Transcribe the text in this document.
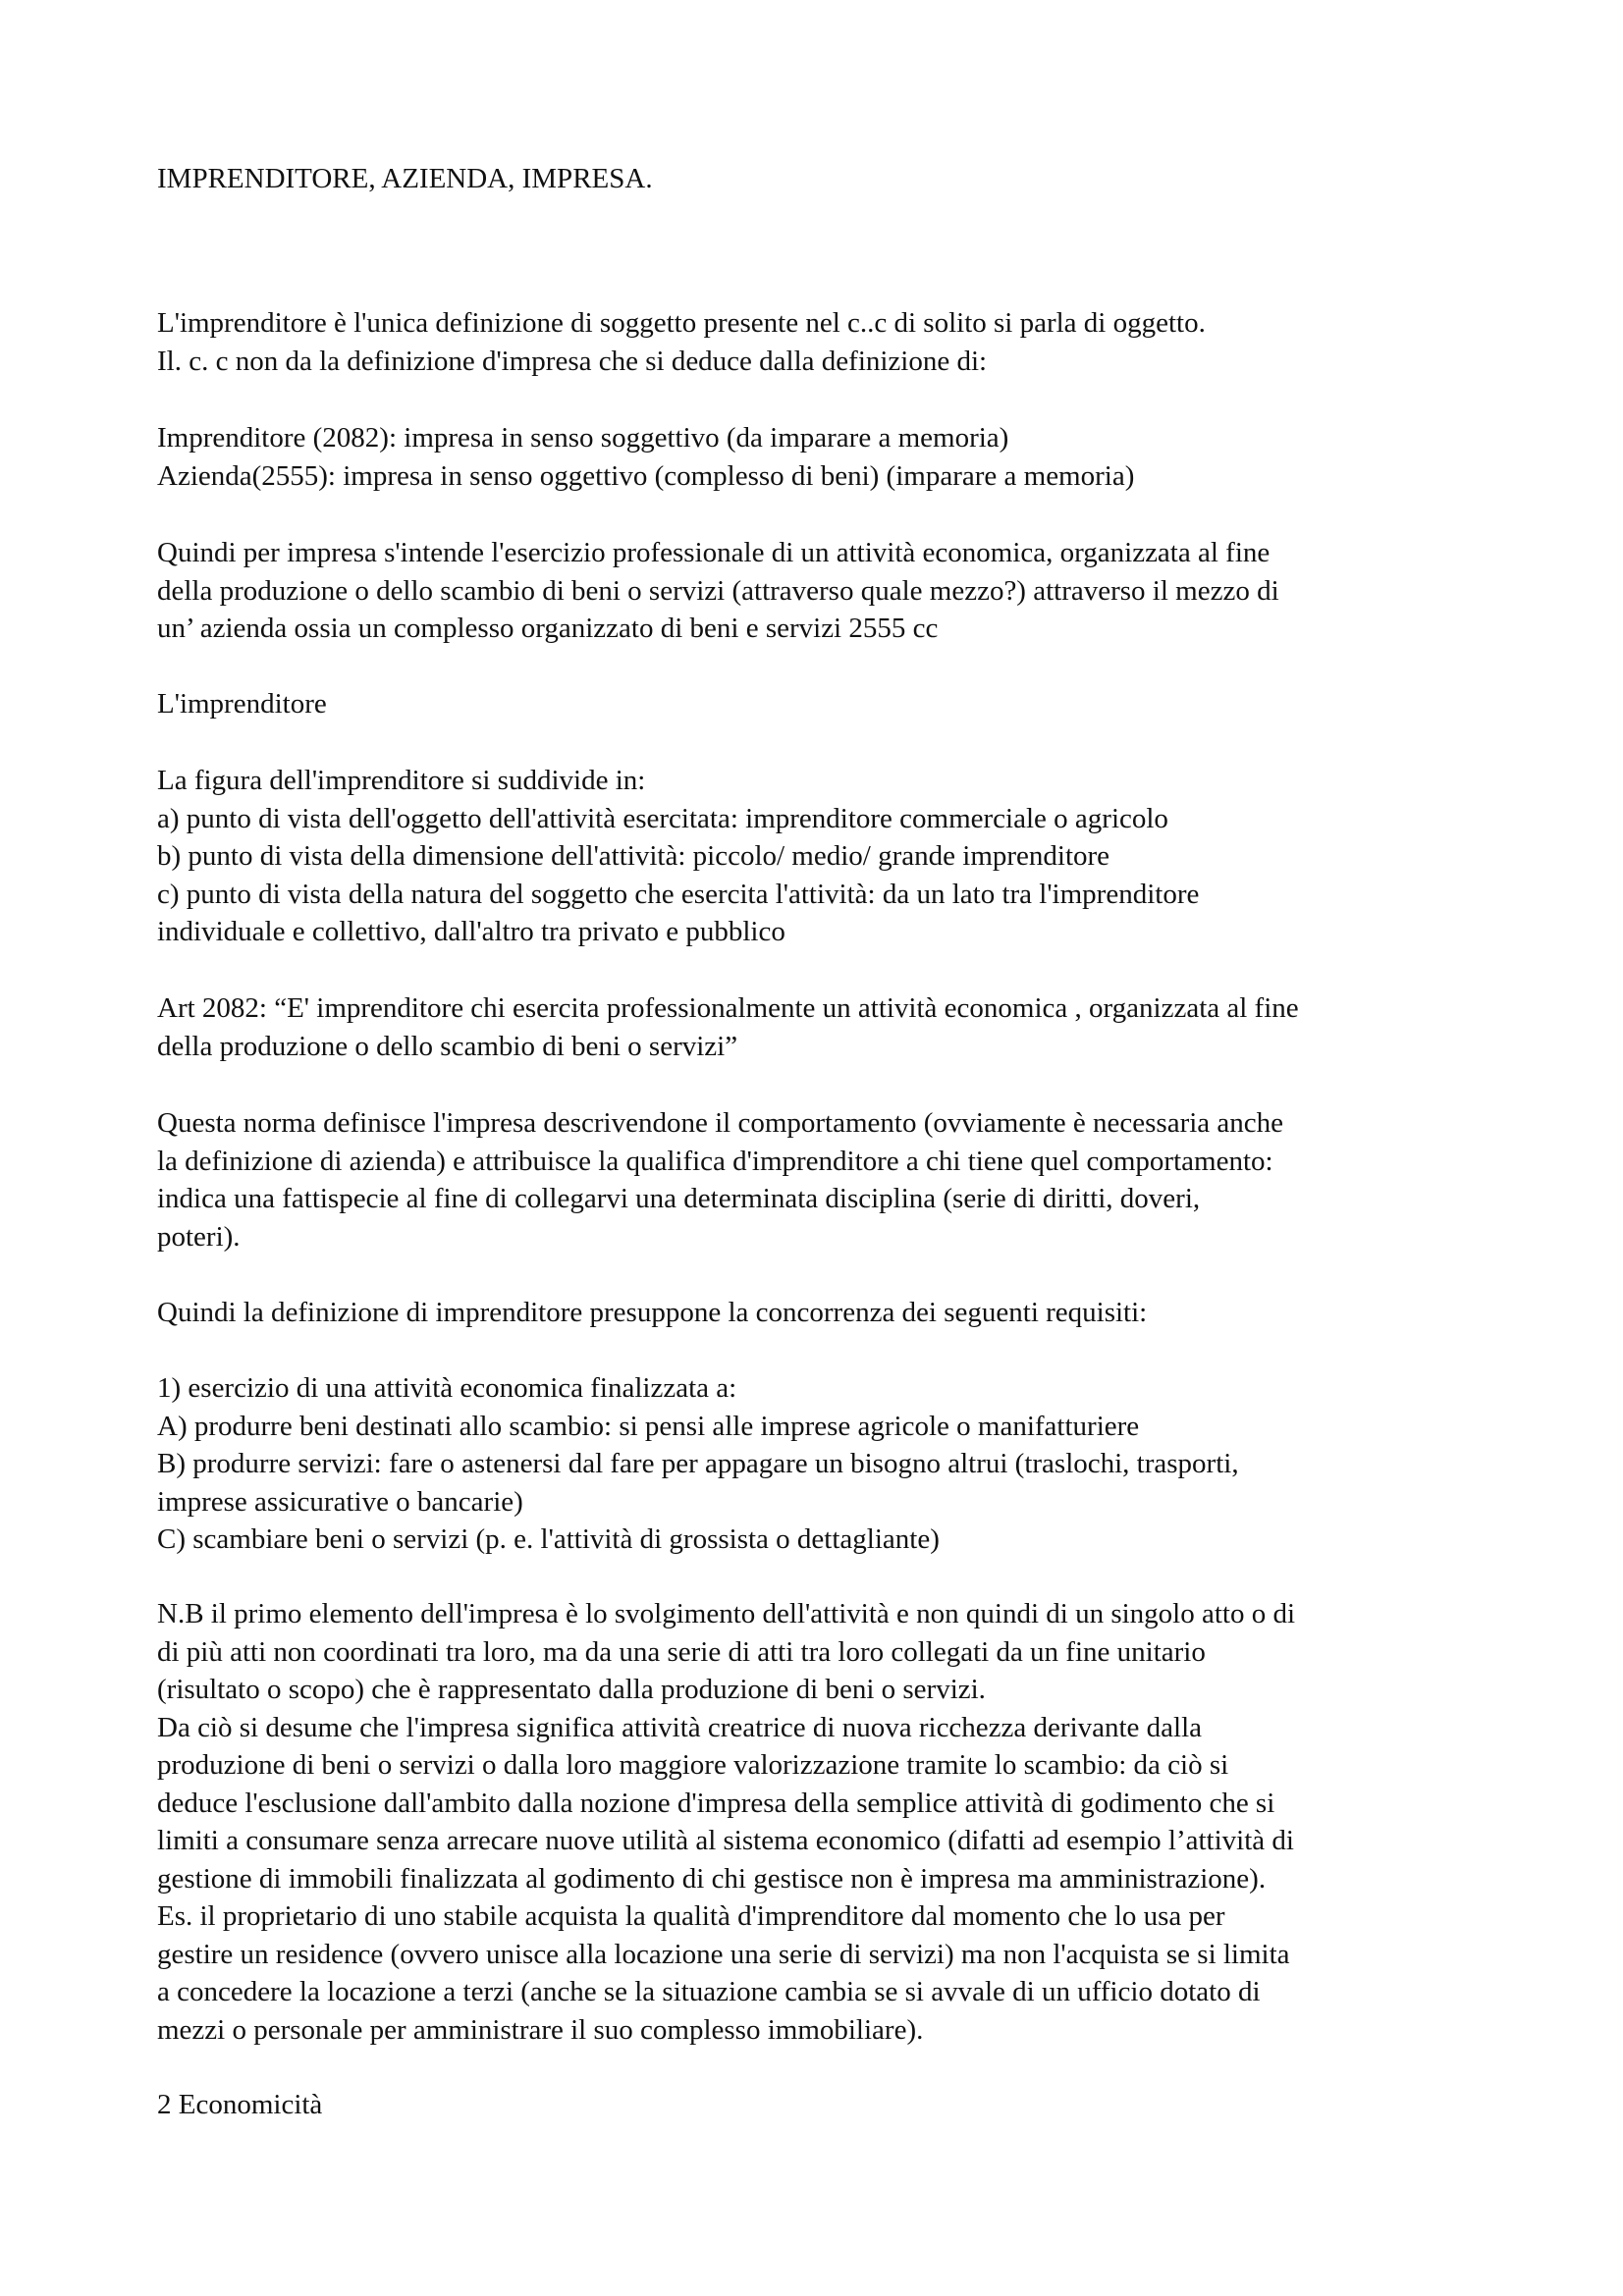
IMPRENDITORE, AZIENDA, IMPRESA.
L'imprenditore è l'unica definizione di soggetto presente nel c..c di solito si parla di oggetto.
Il. c. c non da la definizione d'impresa che si deduce dalla definizione di:
Imprenditore (2082): impresa in senso soggettivo (da imparare a memoria)
Azienda(2555): impresa in senso oggettivo (complesso di beni) (imparare a memoria)
Quindi per impresa s'intende l'esercizio professionale di un attività economica, organizzata al fine
della produzione o dello scambio di beni o servizi (attraverso quale mezzo?) attraverso il mezzo di
un’ azienda ossia un complesso organizzato di beni e servizi 2555 cc
L'imprenditore
La figura dell'imprenditore si suddivide in:
a) punto di vista dell'oggetto dell'attività esercitata: imprenditore commerciale o agricolo
b) punto di vista della dimensione dell'attività: piccolo/ medio/ grande imprenditore
c) punto di vista della natura del soggetto che esercita l'attività: da un lato tra l'imprenditore
individuale e collettivo, dall'altro tra privato e pubblico
Art 2082: “E' imprenditore chi esercita professionalmente un attività economica , organizzata al fine
della produzione o dello scambio di beni o servizi”
Questa norma definisce l'impresa descrivendone il comportamento (ovviamente è necessaria anche
la definizione di azienda) e attribuisce la qualifica d'imprenditore a chi tiene quel comportamento:
indica una fattispecie al fine di collegarvi una determinata disciplina (serie di diritti, doveri,
poteri).
Quindi la definizione di imprenditore presuppone la concorrenza dei seguenti requisiti:
1) esercizio di una attività economica finalizzata a:
A) produrre beni destinati allo scambio: si pensi alle imprese agricole o manifatturiere
B) produrre servizi: fare o astenersi dal fare per appagare un bisogno altrui (traslochi, trasporti,
imprese assicurative o bancarie)
C) scambiare beni o servizi (p. e. l'attività di grossista o dettagliante)
N.B il primo elemento dell'impresa è lo svolgimento dell'attività e non quindi di un singolo atto o di
di più atti non coordinati tra loro, ma da una serie di atti tra loro collegati da un fine unitario
(risultato o scopo) che è rappresentato dalla produzione di beni o servizi.
Da ciò si desume che l'impresa significa attività creatrice di nuova ricchezza derivante dalla
produzione di beni o servizi o dalla loro maggiore valorizzazione tramite lo scambio: da ciò si
deduce l'esclusione dall'ambito dalla nozione d'impresa della semplice attività di godimento che si
limiti a consumare senza arrecare nuove utilità al sistema economico (difatti ad esempio l’attività di
gestione di immobili finalizzata al godimento di chi gestisce non è impresa ma amministrazione).
Es. il proprietario di uno stabile acquista la qualità d'imprenditore dal momento che lo usa per
gestire un residence (ovvero unisce alla locazione una serie di servizi) ma non l'acquista se si limita
a concedere la locazione a terzi (anche se la situazione cambia se si avvale di un ufficio dotato di
mezzi o personale per amministrare il suo complesso immobiliare).
2 Economicità
